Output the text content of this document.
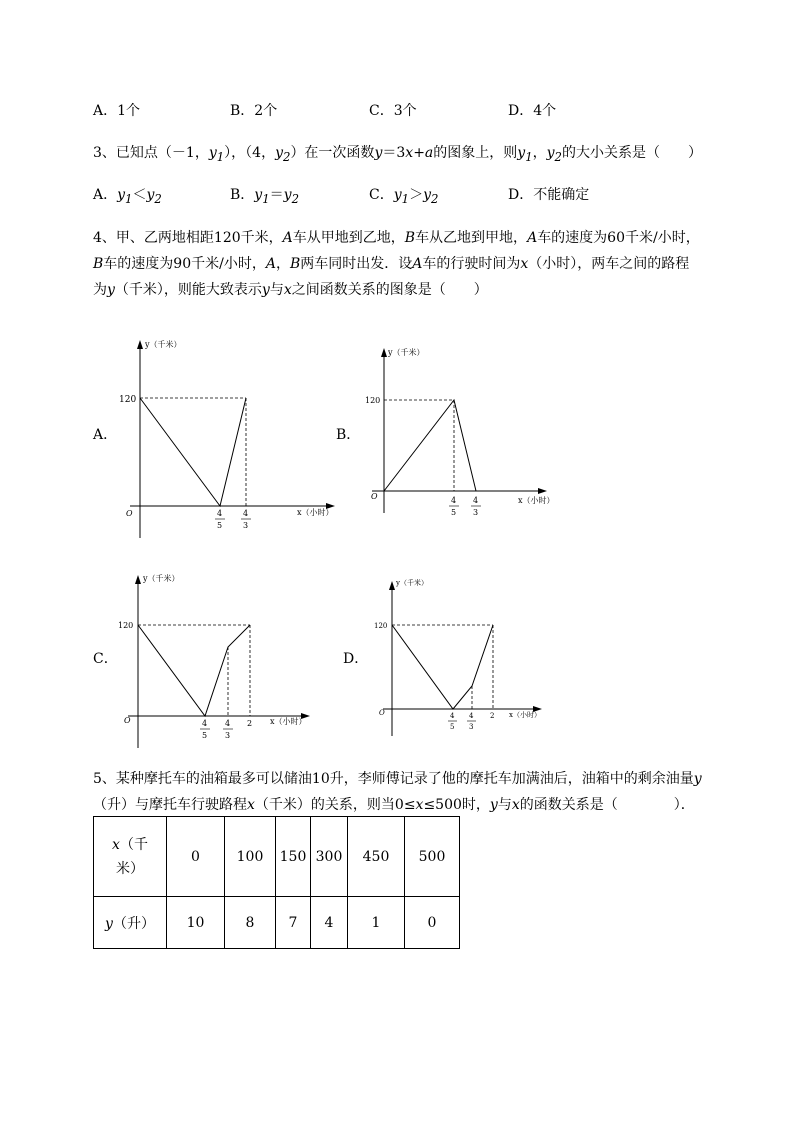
A．1个	B．2个	C．3个	D．4个
3、已知点（－1，$y_1$），（4，$y_2$）在一次函数y＝3x+a的图象上，则$y_1$，$y_2$的大小关系是（　　）
A．$y_1<y_2$	B．$y_1=y_2$	C．$y_1>y_2$	D．不能确定
4、甲、乙两地相距120千米，A车从甲地到乙地，B车从乙地到甲地，A车的速度为60千米/小时，
B车的速度为90千米/小时，A，B两车同时出发．设A车的行驶时间为x（小时），两车之间的路程
为y（千米），则能大致表示y与x之间函数关系的图象是（　　）
A．
y（千米）
x（小时）
120
O	4
5
4
3
B．
y（千米）
x（小时）
120
O	4
5
4
3
C．
y（千米）
x（小时）
120
O	4
5
4
3
2
D．
y（千米）
x（小时）
120
O	4
5
4
3
2
5、某种摩托车的油箱最多可以储油10升，李师傅记录了他的摩托车加满油后，油箱中的剩余油量y
（升）与摩托车行驶路程x（千米）的关系，则当0≤x≤500时，y与x的函数关系是（　　　　）．
x（千
米）	0	100	150	300	450	500
y（升）	10	8	7	4	1	0
